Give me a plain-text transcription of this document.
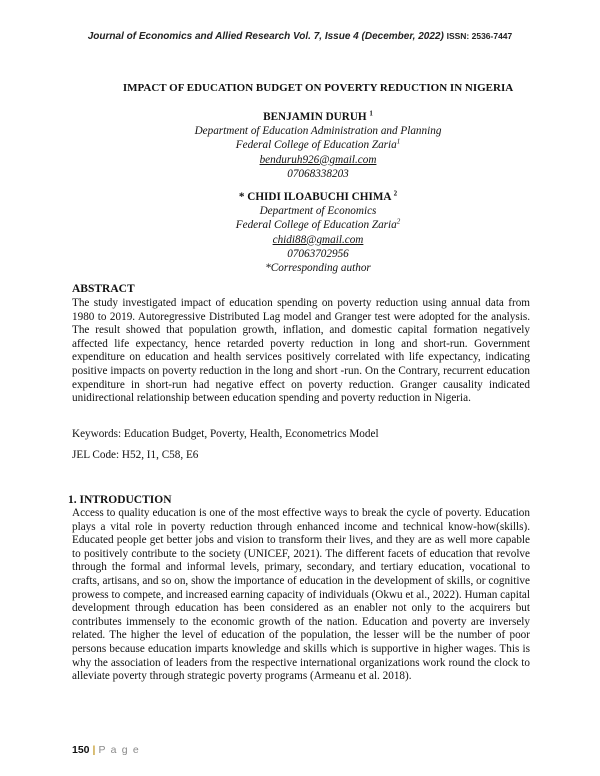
Journal of Economics and Allied Research Vol. 7, Issue 4 (December, 2022) ISSN: 2536-7447
IMPACT OF EDUCATION BUDGET ON POVERTY REDUCTION IN NIGERIA
BENJAMIN DURUH $^1$
Department of Education Administration and Planning
Federal College of Education Zaria$^1$
benduruh926@gmail.com
07068338203
* CHIDI ILOABUCHI CHIMA $^2$
Department of Economics
Federal College of Education Zaria$^2$
chidi88@gmail.com
07063702956
*Corresponding author
ABSTRACT

The study investigated impact of education spending on poverty reduction using annual data from 1980 to 2019. Autoregressive Distributed Lag model and Granger test were adopted for the analysis. The result showed that population growth, inflation, and domestic capital formation negatively affected life expectancy, hence retarded poverty reduction in long and short-run. Government expenditure on education and health services positively correlated with life expectancy, indicating positive impacts on poverty reduction in the long and short -run. On the Contrary, recurrent education expenditure in short-run had negative effect on poverty reduction. Granger causality indicated unidirectional relationship between education spending and poverty reduction in Nigeria.

Keywords: Education Budget, Poverty, Health, Econometrics Model
JEL Code: H52, I1, C58, E6
1. INTRODUCTION

Access to quality education is one of the most effective ways to break the cycle of poverty. Education plays a vital role in poverty reduction through enhanced income and technical know-how(skills). Educated people get better jobs and vision to transform their lives, and they are as well more capable to positively contribute to the society (UNICEF, 2021). The different facets of education that revolve through the formal and informal levels, primary, secondary, and tertiary education, vocational to crafts, artisans, and so on, show the importance of education in the development of skills, or cognitive prowess to compete, and increased earning capacity of individuals (Okwu et al., 2022). Human capital development through education has been considered as an enabler not only to the acquirers but contributes immensely to the economic growth of the nation. Education and poverty are inversely related. The higher the level of education of the population, the lesser will be the number of poor persons because education imparts knowledge and skills which is supportive in higher wages. This is why the association of leaders from the respective international organizations work round the clock to alleviate poverty through strategic poverty programs (Armeanu et al. 2018).

150 | P a g e
